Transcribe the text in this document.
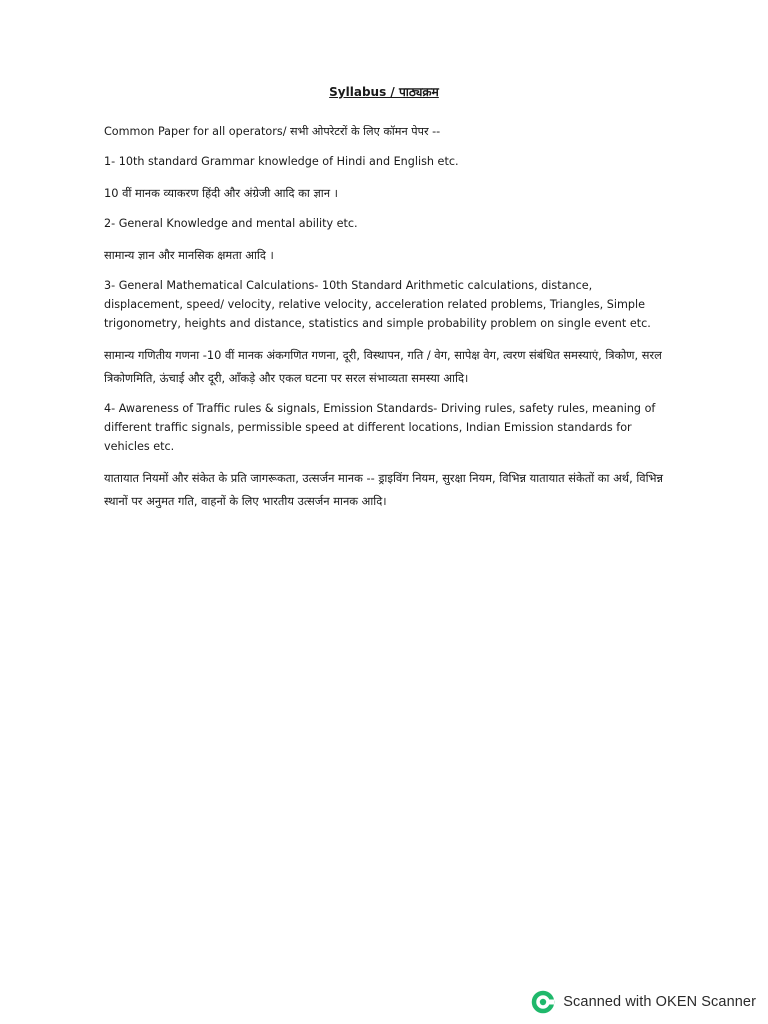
Syllabus / पाठ्यक्रम

Common Paper for all operators/ सभी ओपरेटरों के लिए कॉमन पेपर --

1- 10th standard Grammar knowledge of Hindi and English etc.

10 वीं मानक व्याकरण हिंदी और अंग्रेजी आदि का ज्ञान ।

2- General Knowledge and mental ability etc.

सामान्य ज्ञान और मानसिक क्षमता आदि ।

3- General Mathematical Calculations- 10th Standard Arithmetic calculations, distance, displacement, speed/ velocity, relative velocity, acceleration related problems, Triangles, Simple trigonometry, heights and distance, statistics and simple probability problem on single event etc.

सामान्य गणितीय गणना -10 वीं मानक अंकगणित गणना, दूरी, विस्थापन, गति / वेग, सापेक्ष वेग, त्वरण संबंधित समस्याएं, त्रिकोण, सरल त्रिकोणमिति, ऊंचाई और दूरी, आँकड़े और एकल घटना पर सरल संभाव्यता समस्या आदि।

4- Awareness of Traffic rules & signals, Emission Standards- Driving rules, safety rules, meaning of different traffic signals, permissible speed at different locations, Indian Emission standards for vehicles etc.

यातायात नियमों और संकेत के प्रति जागरूकता, उत्सर्जन मानक -- ड्राइविंग नियम, सुरक्षा नियम, विभिन्न यातायात संकेतों का अर्थ, विभिन्न स्थानों पर अनुमत गति, वाहनों के लिए भारतीय उत्सर्जन मानक आदि।

Scanned with OKEN Scanner
